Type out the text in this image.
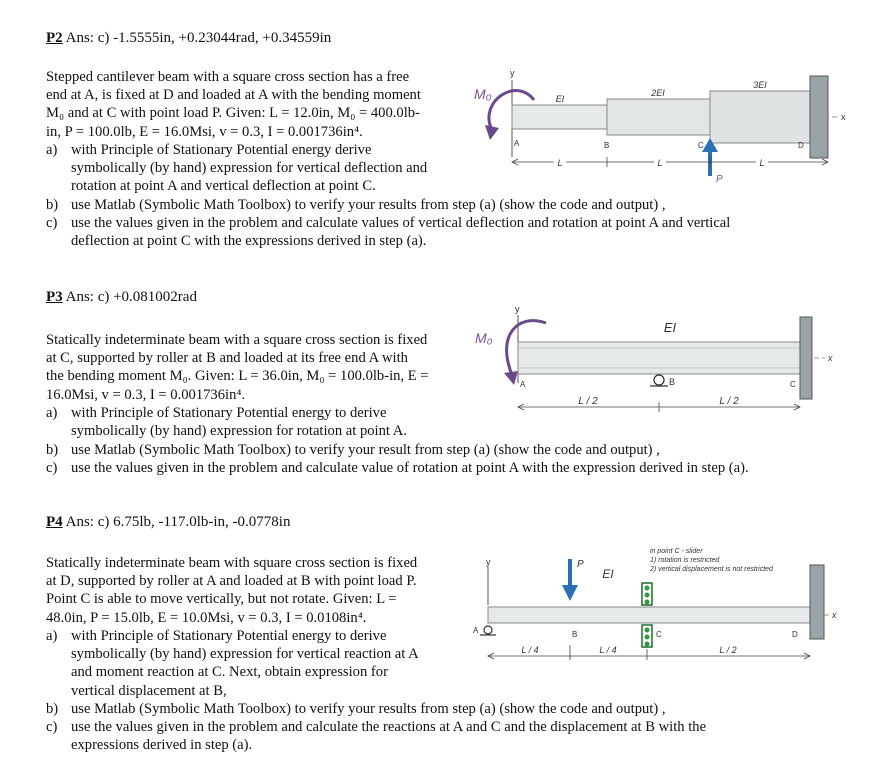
P2 Ans: c) -1.5555in, +0.23044rad, +0.34559in
Stepped cantilever beam with a square cross section has a free
end at A, is fixed at D and loaded at A with the bending moment
M₀ and at C with point load P. Given: L = 12.0in, M₀ = 400.0lb-
in, P = 100.0lb, E = 16.0Msi, v = 0.3, I = 0.001736in⁴.
a) with Principle of Stationary Potential energy derive
symbolically (by hand) expression for vertical deflection and
rotation at point A and vertical deflection at point C.
b) use Matlab (Symbolic Math Toolbox) to verify your results from step (a) (show the code and output) ,
c) use the values given in the problem and calculate values of vertical deflection and rotation at point A and vertical
deflection at point C with the expressions derived in step (a).
y
x
EI
2EI
3EI
M₀
A	B	C	D
P
L	L	L
P3 Ans: c) +0.081002rad
Statically indeterminate beam with a square cross section is fixed
at C, supported by roller at B and loaded at its free end A with
the bending moment M₀. Given: L = 36.0in, M₀ = 100.0lb-in, E =
16.0Msi, v = 0.3, I = 0.001736in⁴.
a) with Principle of Stationary Potential energy to derive
symbolically (by hand) expression for rotation at point A.
b) use Matlab (Symbolic Math Toolbox) to verify your result from step (a) (show the code and output) ,
c) use the values given in the problem and calculate value of rotation at point A with the expression derived in step (a).
y
x
EI
M₀
A	B	C
L / 2	L / 2
P4 Ans: c) 6.75lb, -117.0lb-in, -0.0778in
Statically indeterminate beam with square cross section is fixed
at D, supported by roller at A and loaded at B with point load P.
Point C is able to move vertically, but not rotate. Given: L =
48.0in, P = 15.0lb, E = 10.0Msi, v = 0.3, I = 0.0108in⁴.
a) with Principle of Stationary Potential energy to derive
symbolically (by hand) expression for vertical reaction at A
and moment reaction at C. Next, obtain expression for
vertical displacement at B,
b) use Matlab (Symbolic Math Toolbox) to verify your results from step (a) (show the code and output) ,
c) use the values given in the problem and calculate the reactions at A and C and the displacement at B with the
expressions derived in step (a).
y
x
P
EI
in point C - slider
1) rotation is restricted
2) vertical displacement is not restricted
A	B	C	D
L / 4	L / 4	L / 2
